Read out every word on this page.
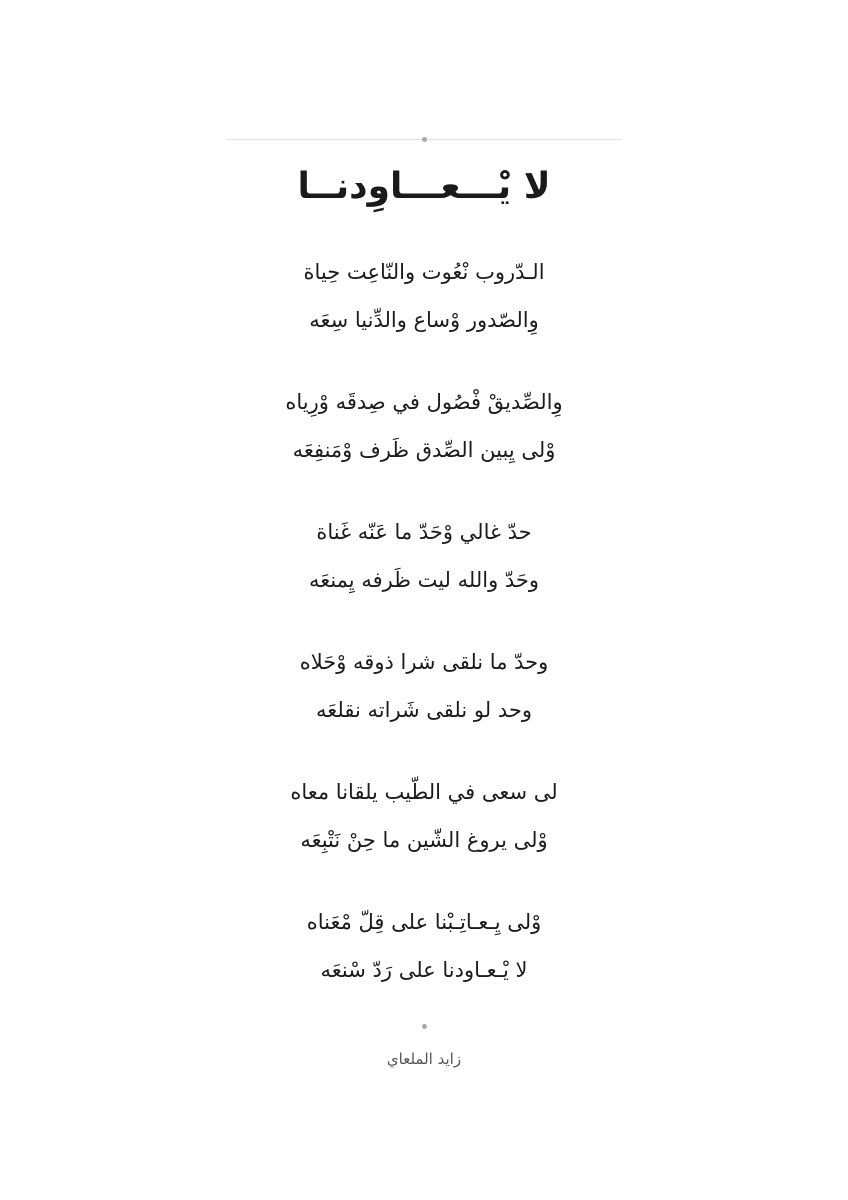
لا يْـــعـــاوِدنــا
الـدّروب نْعُوت والنّاعِت حِياة
وِالصّدور وْساع والدِّنيا سِعَه
وِالصِّديقْ فْصُول في صِدقَه وْرِياه
وْلى يِبين الصِّدق ظَرف وْمَنفِعَه
حدّ غالي وْحَدّ ما عَنّه غَناة
وحَدّ والله ليت ظَرفه يِمنعَه
وحدّ ما نلقى شرا ذوقه وْحَلاه
وحد لو نلقى شَراته نقلعَه
لى سعى في الطّيب يلقانا معاه
وْلى يروغ الشّين ما حِنْ نَتْبِعَه
وْلى يِـعـاتِـبْنا على قِلّ مْعَناه
لا يْـعـاودنا على رَدّ سْنعَه
زايد الملعاي
